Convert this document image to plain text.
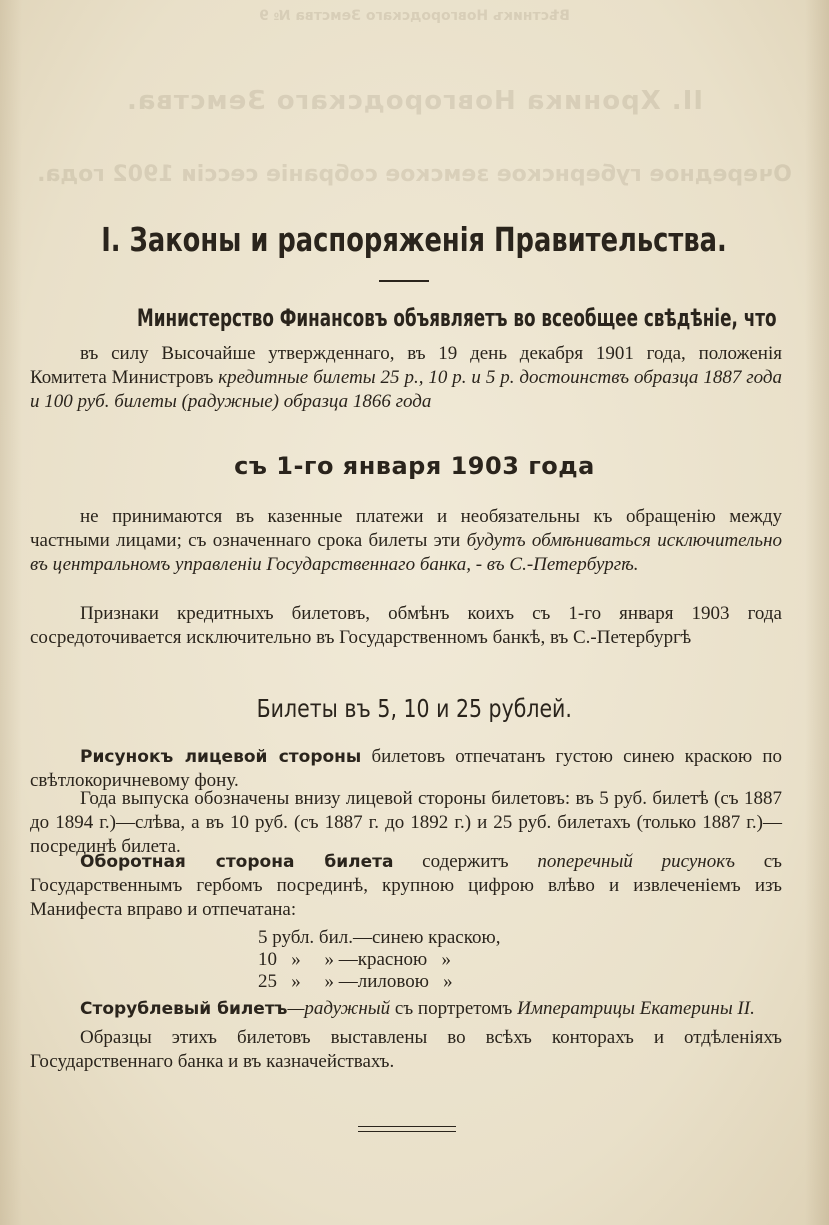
Вѣстникъ Новгородскаго Земства № 9
II. Хроника Новгородскаго Земства.
Очередное губернское земское собраніе сессіи 1902 года.
I. Законы и распоряженія Правительства.
Министерство Финансовъ объявляетъ во всеобщее свѣдѣніе, что
въ силу Высочайше утвержденнаго, въ 19 день декабря 1901 года, положенія Комитета Министровъ кредитные билеты 25 р., 10 р. и 5 р. достоинствъ образца 1887 года и 100 руб. билеты (радужные) образца 1866 года
съ 1-го января 1903 года
не принимаются въ казенные платежи и необязательны къ обращенію между частными лицами; съ означеннаго срока билеты эти будутъ обмѣниваться исключительно въ центральномъ управленіи Государственнаго банка, - въ С.-Петербургѣ.
Признаки кредитныхъ билетовъ, обмѣнъ коихъ съ 1-го января 1903 года сосредоточивается исключительно въ Государственномъ банкѣ, въ С.-Петербургѣ
Билеты въ 5, 10 и 25 рублей.
Рисунокъ лицевой стороны билетовъ отпечатанъ густою синею краскою по свѣтлокоричневому фону.
Года выпуска обозначены внизу лицевой стороны билетовъ: въ 5 руб. билетѣ (съ 1887 до 1894 г.)—слѣва, а въ 10 руб. (съ 1887 г. до 1892 г.) и 25 руб. билетахъ (только 1887 г.)—посрединѣ билета.
Оборотная сторона билета содержитъ поперечный рисунокъ съ Государственнымъ гербомъ посрединѣ, крупною цифрою влѣво и извлеченіемъ изъ Манифеста вправо и отпечатана:
5 рубл. бил.—синею краскою,
10   »     » —красною   »
25   »     » —лиловою   »
Сторублевый билетъ—радужный съ портретомъ Императрицы Екатерины II.
Образцы этихъ билетовъ выставлены во всѣхъ конторахъ и отдѣленіяхъ Государственнаго банка и въ казначействахъ.
